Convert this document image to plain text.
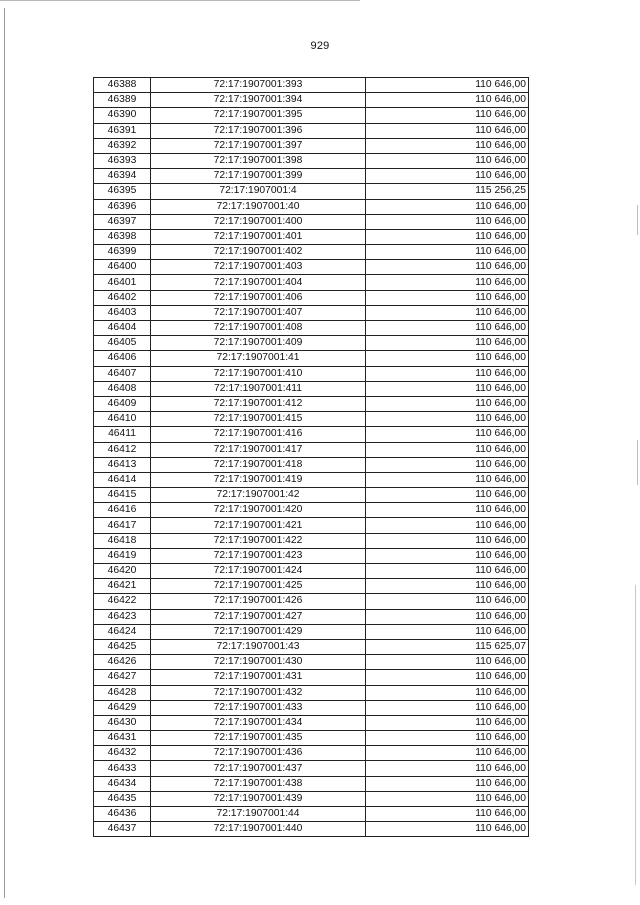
929
46388	72:17:1907001:393	110 646,00
46389	72:17:1907001:394	110 646,00
46390	72:17:1907001:395	110 646,00
46391	72:17:1907001:396	110 646,00
46392	72:17:1907001:397	110 646,00
46393	72:17:1907001:398	110 646,00
46394	72:17:1907001:399	110 646,00
46395	72:17:1907001:4	115 256,25
46396	72:17:1907001:40	110 646,00
46397	72:17:1907001:400	110 646,00
46398	72:17:1907001:401	110 646,00
46399	72:17:1907001:402	110 646,00
46400	72:17:1907001:403	110 646,00
46401	72:17:1907001:404	110 646,00
46402	72:17:1907001:406	110 646,00
46403	72:17:1907001:407	110 646,00
46404	72:17:1907001:408	110 646,00
46405	72:17:1907001:409	110 646,00
46406	72:17:1907001:41	110 646,00
46407	72:17:1907001:410	110 646,00
46408	72:17:1907001:411	110 646,00
46409	72:17:1907001:412	110 646,00
46410	72:17:1907001:415	110 646,00
46411	72:17:1907001:416	110 646,00
46412	72:17:1907001:417	110 646,00
46413	72:17:1907001:418	110 646,00
46414	72:17:1907001:419	110 646,00
46415	72:17:1907001:42	110 646,00
46416	72:17:1907001:420	110 646,00
46417	72:17:1907001:421	110 646,00
46418	72:17:1907001:422	110 646,00
46419	72:17:1907001:423	110 646,00
46420	72:17:1907001:424	110 646,00
46421	72:17:1907001:425	110 646,00
46422	72:17:1907001:426	110 646,00
46423	72:17:1907001:427	110 646,00
46424	72:17:1907001:429	110 646,00
46425	72:17:1907001:43	115 625,07
46426	72:17:1907001:430	110 646,00
46427	72:17:1907001:431	110 646,00
46428	72:17:1907001:432	110 646,00
46429	72:17:1907001:433	110 646,00
46430	72:17:1907001:434	110 646,00
46431	72:17:1907001:435	110 646,00
46432	72:17:1907001:436	110 646,00
46433	72:17:1907001:437	110 646,00
46434	72:17:1907001:438	110 646,00
46435	72:17:1907001:439	110 646,00
46436	72:17:1907001:44	110 646,00
46437	72:17:1907001:440	110 646,00
